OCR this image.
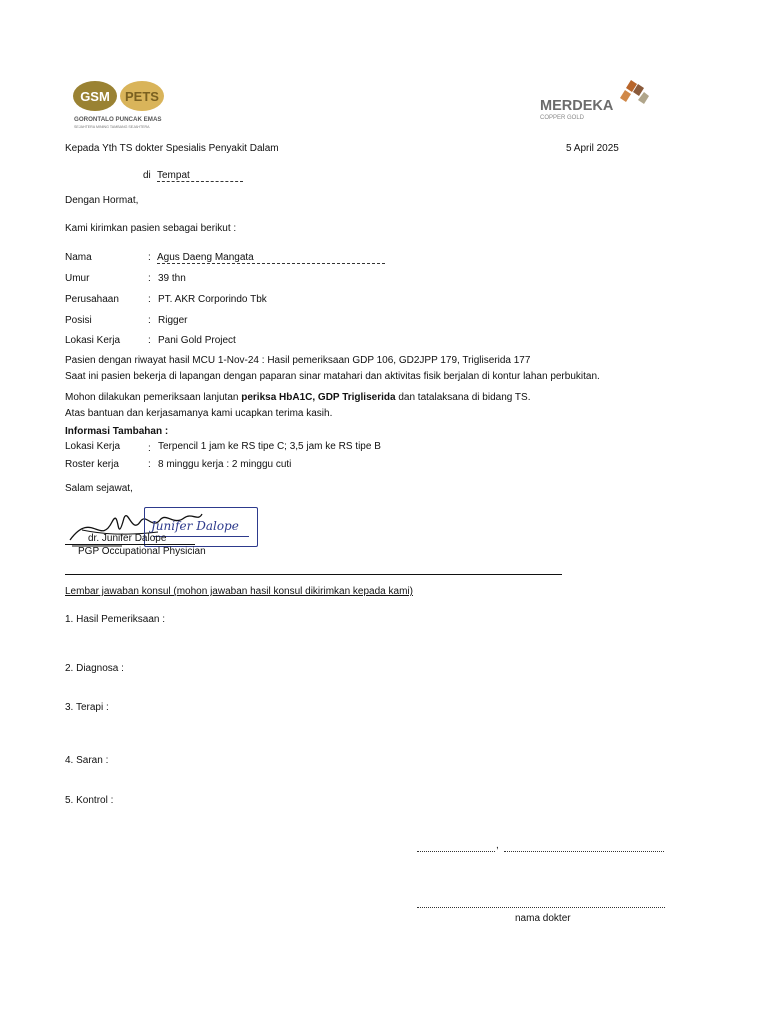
GSM PETS
GORONTALO PUNCAK EMAS
SEJAHTERA MINING TAMBANG SEJAHTERA
MERDEKA
COPPER GOLD
Kepada Yth TS dokter Spesialis Penyakit Dalam	5 April 2025
di Tempat
Dengan Hormat,
Kami kirimkan pasien sebagai berikut :
Nama	: Agus Daeng Mangata
Umur	: 39 thn
Perusahaan	: PT. AKR Corporindo Tbk
Posisi	: Rigger
Lokasi Kerja	: Pani Gold Project
Pasien dengan riwayat hasil MCU 1-Nov-24 : Hasil pemeriksaan GDP 106, GD2JPP 179, Trigliserida 177
Saat ini pasien bekerja di lapangan dengan paparan sinar matahari dan aktivitas fisik berjalan di kontur lahan perbukitan.
Mohon dilakukan pemeriksaan lanjutan periksa HbA1C, GDP Trigliserida dan tatalaksana di bidang TS.
Atas bantuan dan kerjasamanya kami ucapkan terima kasih.
Informasi Tambahan :
Lokasi Kerja	: Terpencil 1 jam ke RS tipe C; 3,5 jam ke RS tipe B
Roster kerja	: 8 minggu kerja : 2 minggu cuti
Salam sejawat,
Junifer Dalope
dr. Junifer Dalope
PGP Occupational Physician
Lembar jawaban konsul (mohon jawaban hasil konsul dikirimkan kepada kami)
1. Hasil Pemeriksaan :
2. Diagnosa :
3. Terapi :
4. Saran :
5. Kontrol :
,
nama dokter
